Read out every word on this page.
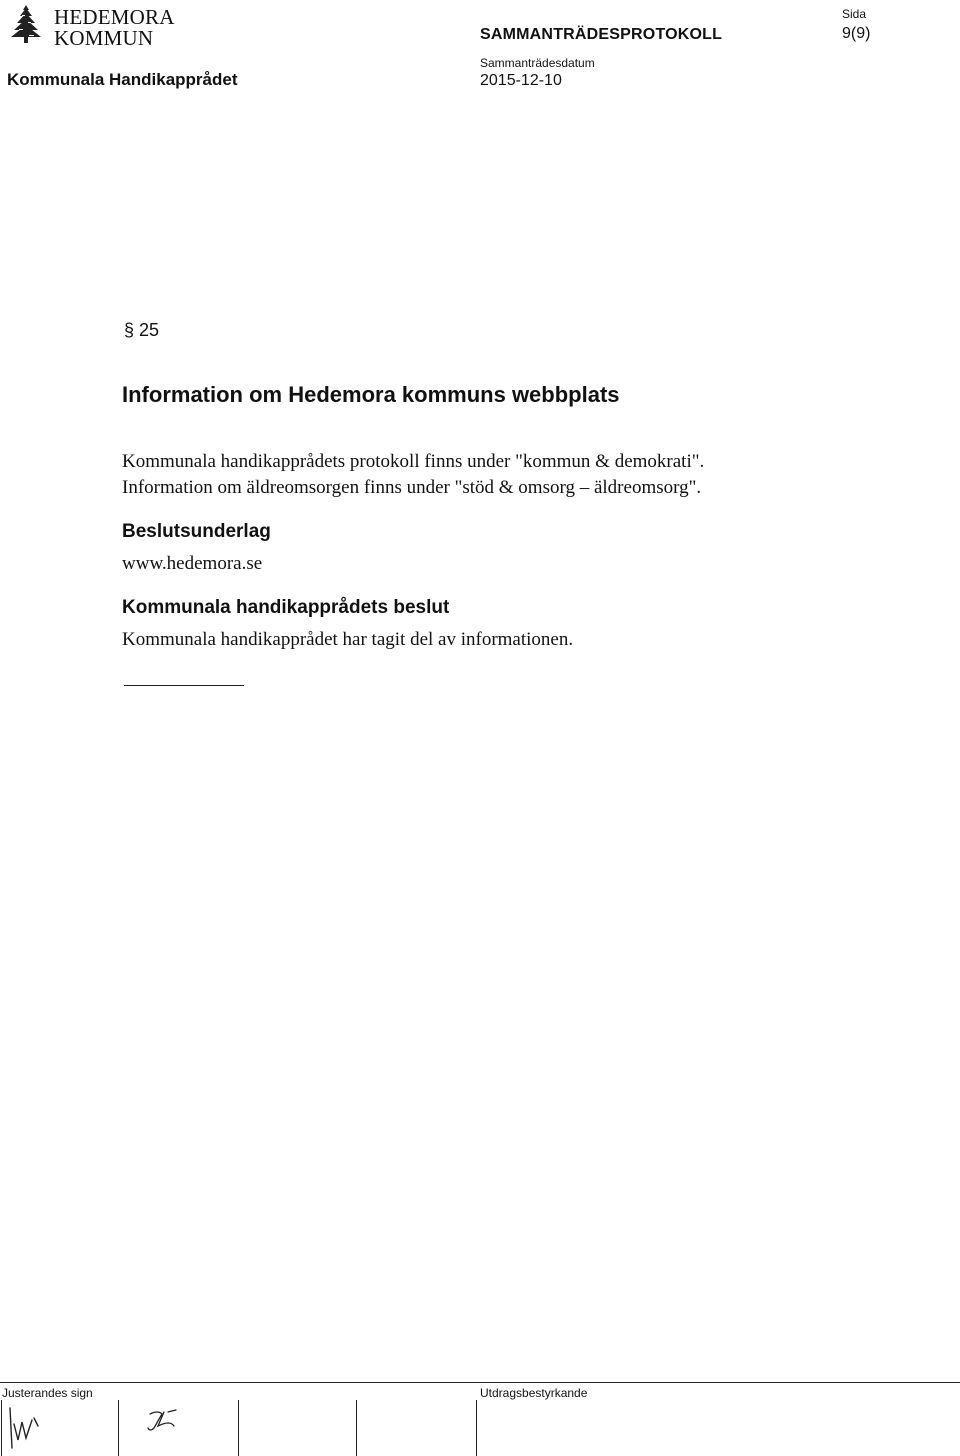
HEDEMORA
KOMMUN
Kommunala Handikapprådet
SAMMANTRÄDESPROTOKOLL
Sammanträdesdatum
2015-12-10
Sida
9(9)
§ 25
Information om Hedemora kommuns webbplats
Kommunala handikapprådets protokoll finns under "kommun & demokrati".
Information om äldreomsorgen finns under "stöd & omsorg – äldreomsorg".
Beslutsunderlag
www.hedemora.se
Kommunala handikapprådets beslut
Kommunala handikapprådet har tagit del av informationen.
Justerandes sign	Utdragsbestyrkande
